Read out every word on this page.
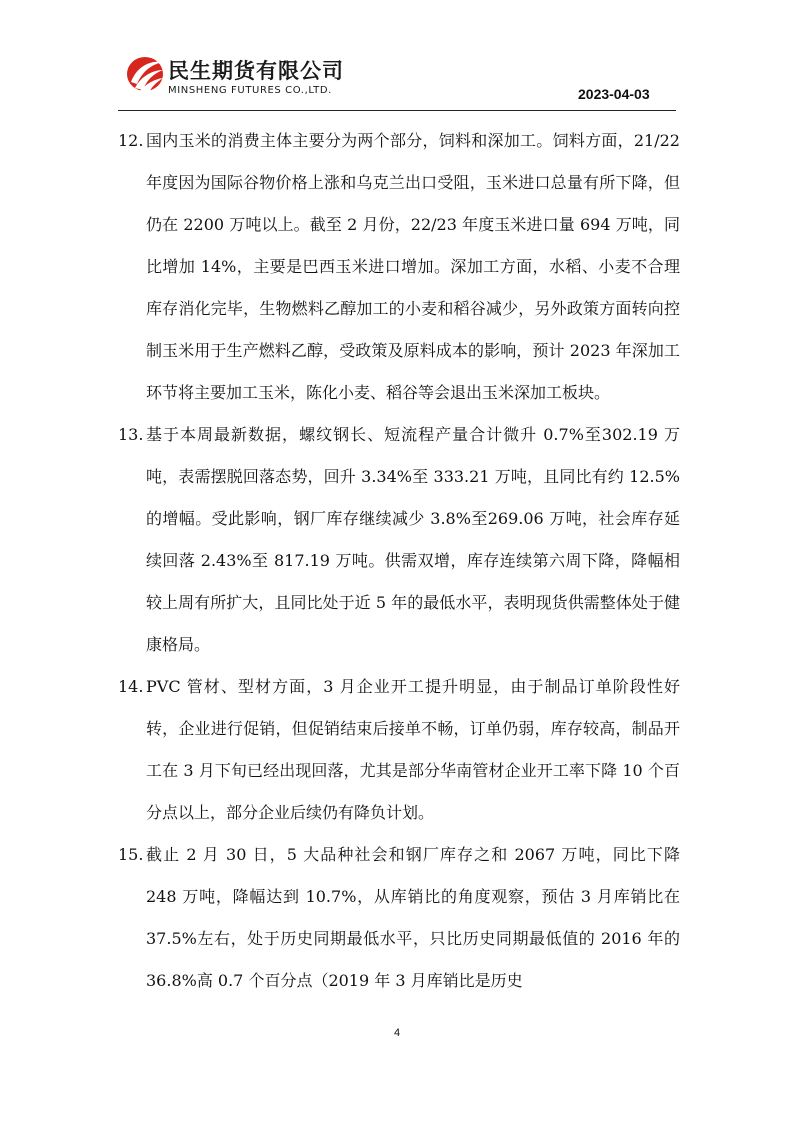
民生期货有限公司
MINSHENG FUTURES CO.,LTD.	2023-04-03
12. 国内玉米的消费主体主要分为两个部分，饲料和深加工。饲料方面，21/22 年度因为国际谷物价格上涨和乌克兰出口受阻，玉米进口总量有所下降，但仍在 2200 万吨以上。截至 2 月份，22/23 年度玉米进口量 694 万吨，同比增加 14%，主要是巴西玉米进口增加。深加工方面，水稻、小麦不合理库存消化完毕，生物燃料乙醇加工的小麦和稻谷减少，另外政策方面转向控制玉米用于生产燃料乙醇，受政策及原料成本的影响，预计 2023 年深加工环节将主要加工玉米，陈化小麦、稻谷等会退出玉米深加工板块。
13. 基于本周最新数据，螺纹钢长、短流程产量合计微升 0.7%至302.19 万吨，表需摆脱回落态势，回升 3.34%至 333.21 万吨，且同比有约 12.5%的增幅。受此影响，钢厂库存继续减少 3.8%至269.06 万吨，社会库存延续回落 2.43%至 817.19 万吨。供需双增，库存连续第六周下降，降幅相较上周有所扩大，且同比处于近 5 年的最低水平，表明现货供需整体处于健康格局。
14. PVC 管材、型材方面，3 月企业开工提升明显，由于制品订单阶段性好转，企业进行促销，但促销结束后接单不畅，订单仍弱，库存较高，制品开工在 3 月下旬已经出现回落，尤其是部分华南管材企业开工率下降 10 个百分点以上，部分企业后续仍有降负计划。
15. 截止 2 月 30 日，5 大品种社会和钢厂库存之和 2067 万吨，同比下降 248 万吨，降幅达到 10.7%，从库销比的角度观察，预估 3 月库销比在 37.5%左右，处于历史同期最低水平，只比历史同期最低值的 2016 年的 36.8%高 0.7 个百分点（2019 年 3 月库销比是历史
4
